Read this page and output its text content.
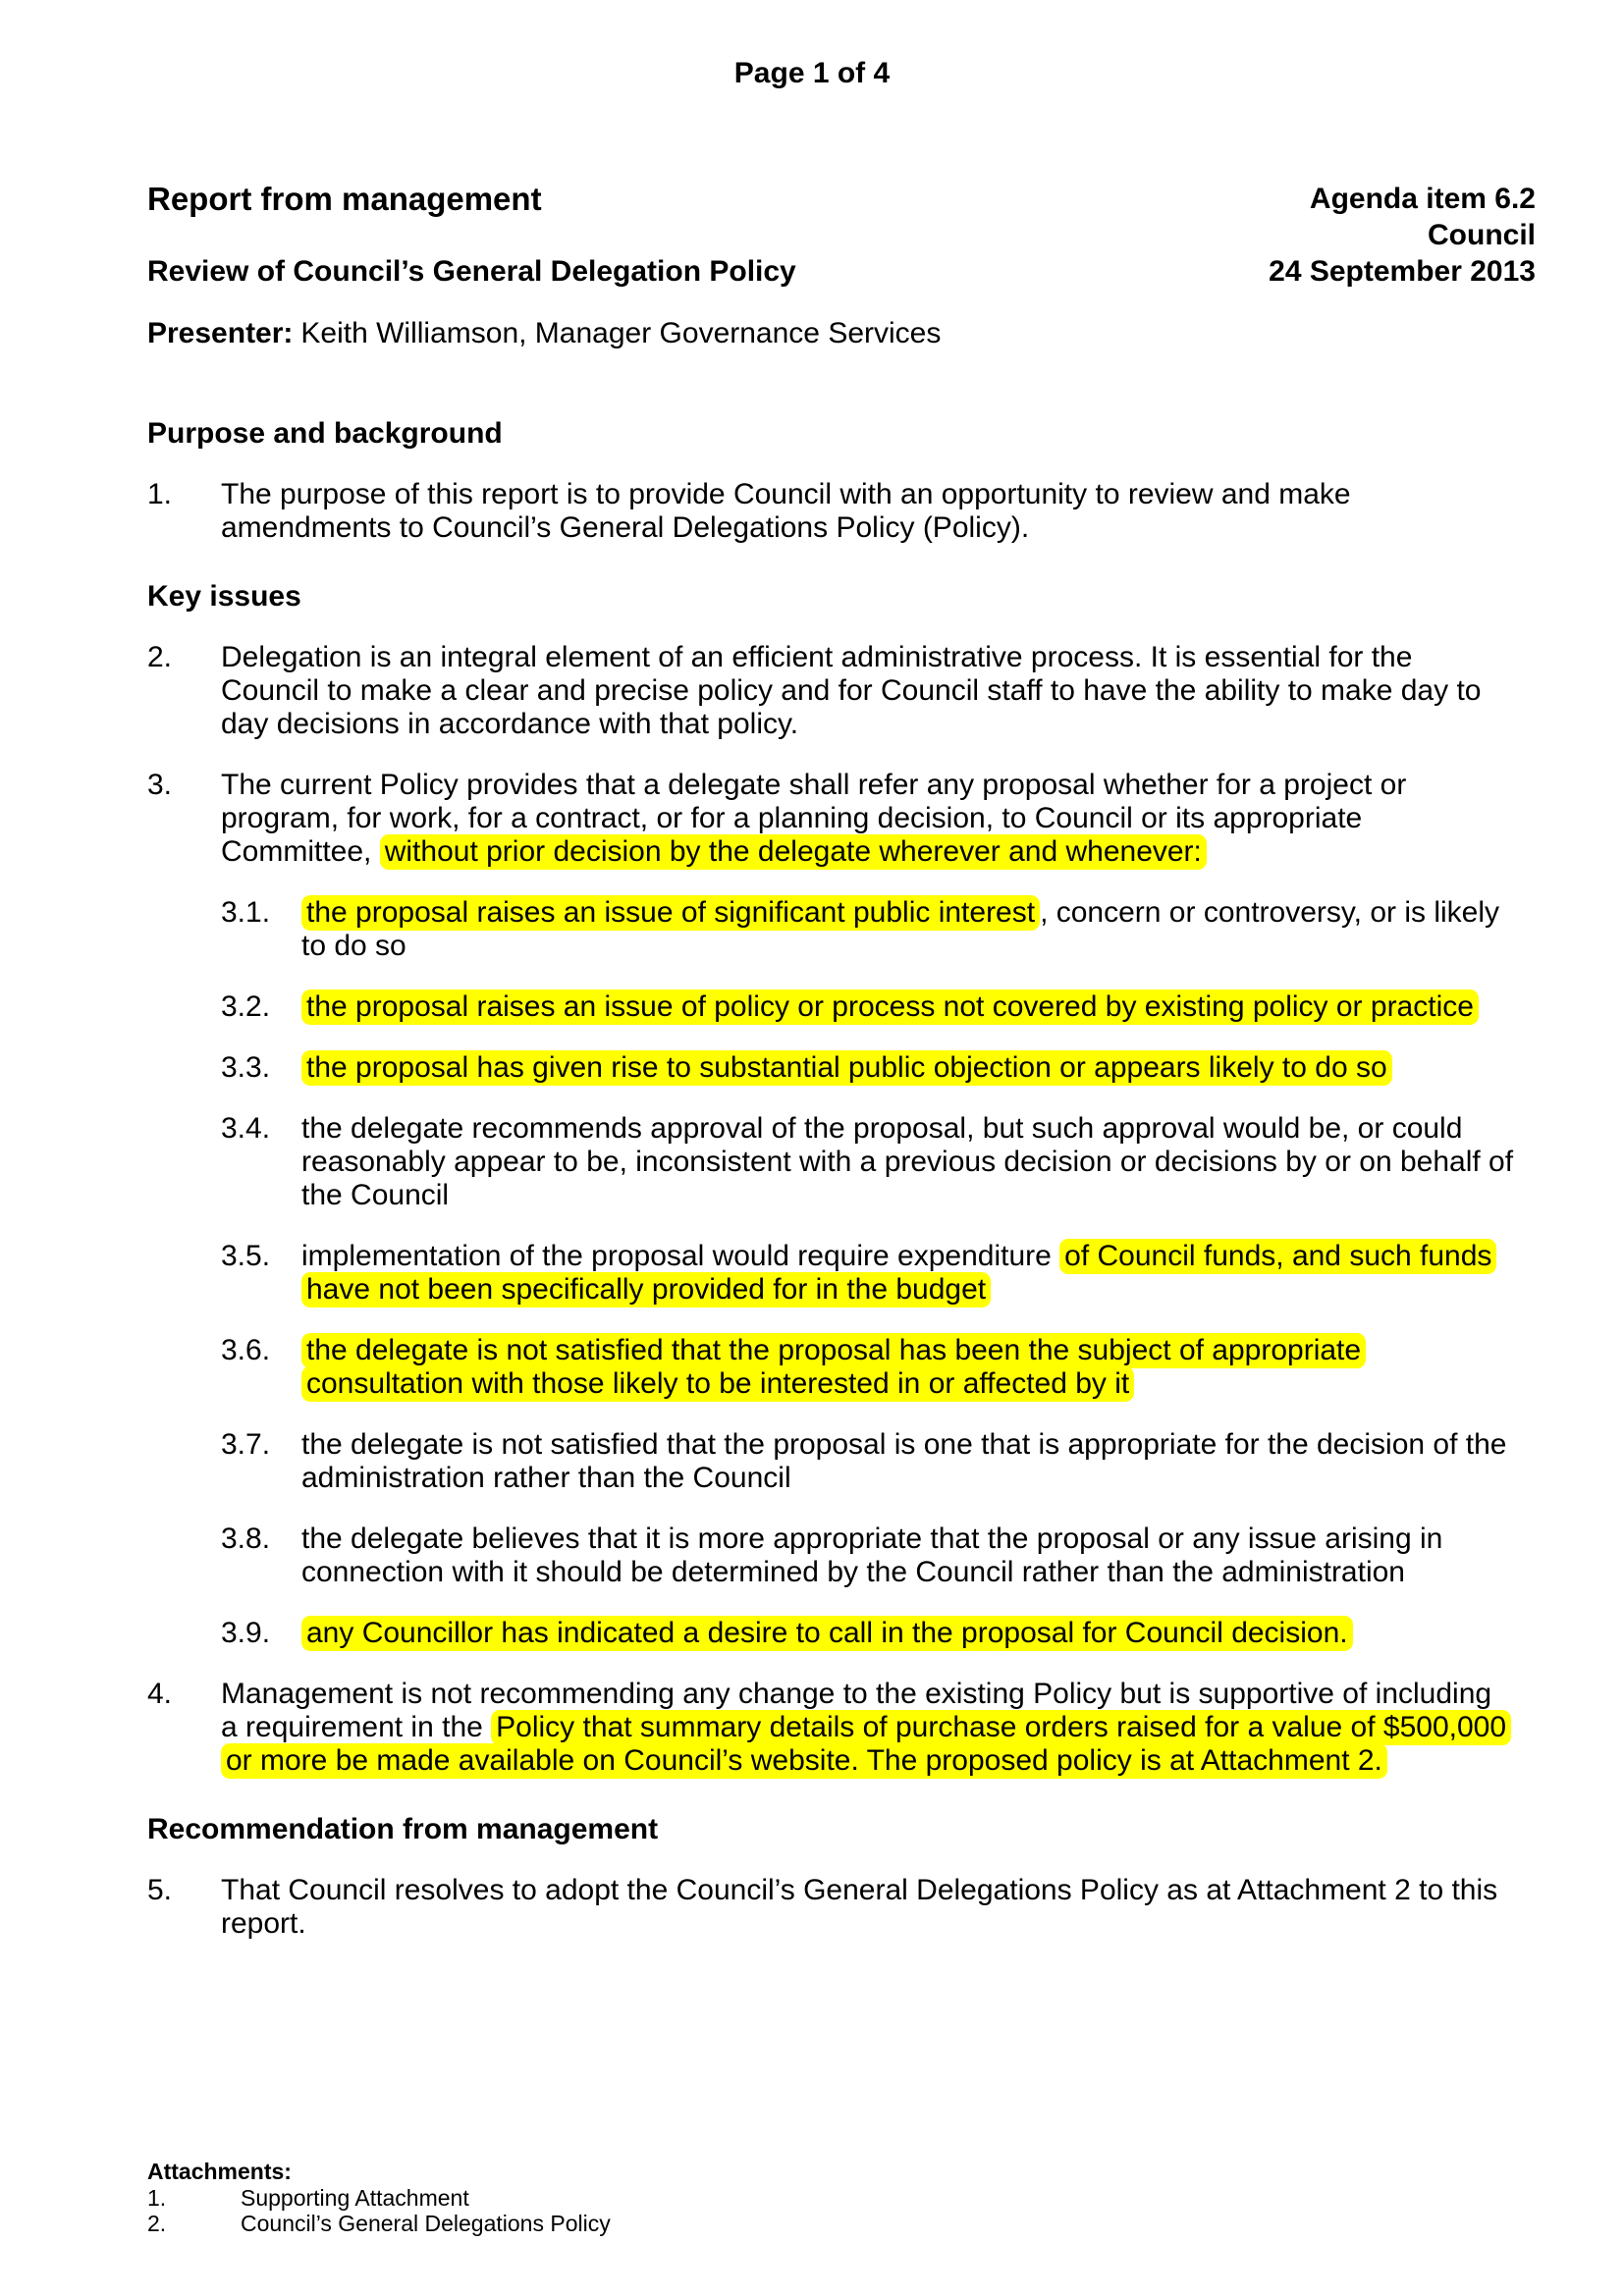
Page 1 of 4
Report from management
Review of Council’s General Delegation Policy
Agenda item 6.2
Council
24 September 2013
Presenter: Keith Williamson, Manager Governance Services
Purpose and background
1.	The purpose of this report is to provide Council with an opportunity to review and make amendments to Council’s General Delegations Policy (Policy).
Key issues
2.	Delegation is an integral element of an efficient administrative process. It is essential for the Council to make a clear and precise policy and for Council staff to have the ability to make day to day decisions in accordance with that policy.
3.	The current Policy provides that a delegate shall refer any proposal whether for a project or program, for work, for a contract, or for a planning decision, to Council or its appropriate Committee, without prior decision by the delegate wherever and whenever:
3.1.	the proposal raises an issue of significant public interest , concern or controversy, or is likely to do so
3.2.	the proposal raises an issue of policy or process not covered by existing policy or practice
3.3.	the proposal has given rise to substantial public objection or appears likely to do so
3.4.	the delegate recommends approval of the proposal, but such approval would be, or could reasonably appear to be, inconsistent with a previous decision or decisions by or on behalf of the Council
3.5.	implementation of the proposal would require expenditure of Council funds, and such funds have not been specifically provided for in the budget
3.6.	the delegate is not satisfied that the proposal has been the subject of appropriate consultation with those likely to be interested in or affected by it
3.7.	the delegate is not satisfied that the proposal is one that is appropriate for the decision of the administration rather than the Council
3.8.	the delegate believes that it is more appropriate that the proposal or any issue arising in connection with it should be determined by the Council rather than the administration
3.9.	any Councillor has indicated a desire to call in the proposal for Council decision.
4.	Management is not recommending any change to the existing Policy but is supportive of including a requirement in the Policy that summary details of purchase orders raised for a value of $500,000 or more be made available on Council’s website. The proposed policy is at Attachment 2.
Recommendation from management
5.	That Council resolves to adopt the Council’s General Delegations Policy as at Attachment 2 to this report.
Attachments:
1.	Supporting Attachment
2.	Council’s General Delegations Policy
